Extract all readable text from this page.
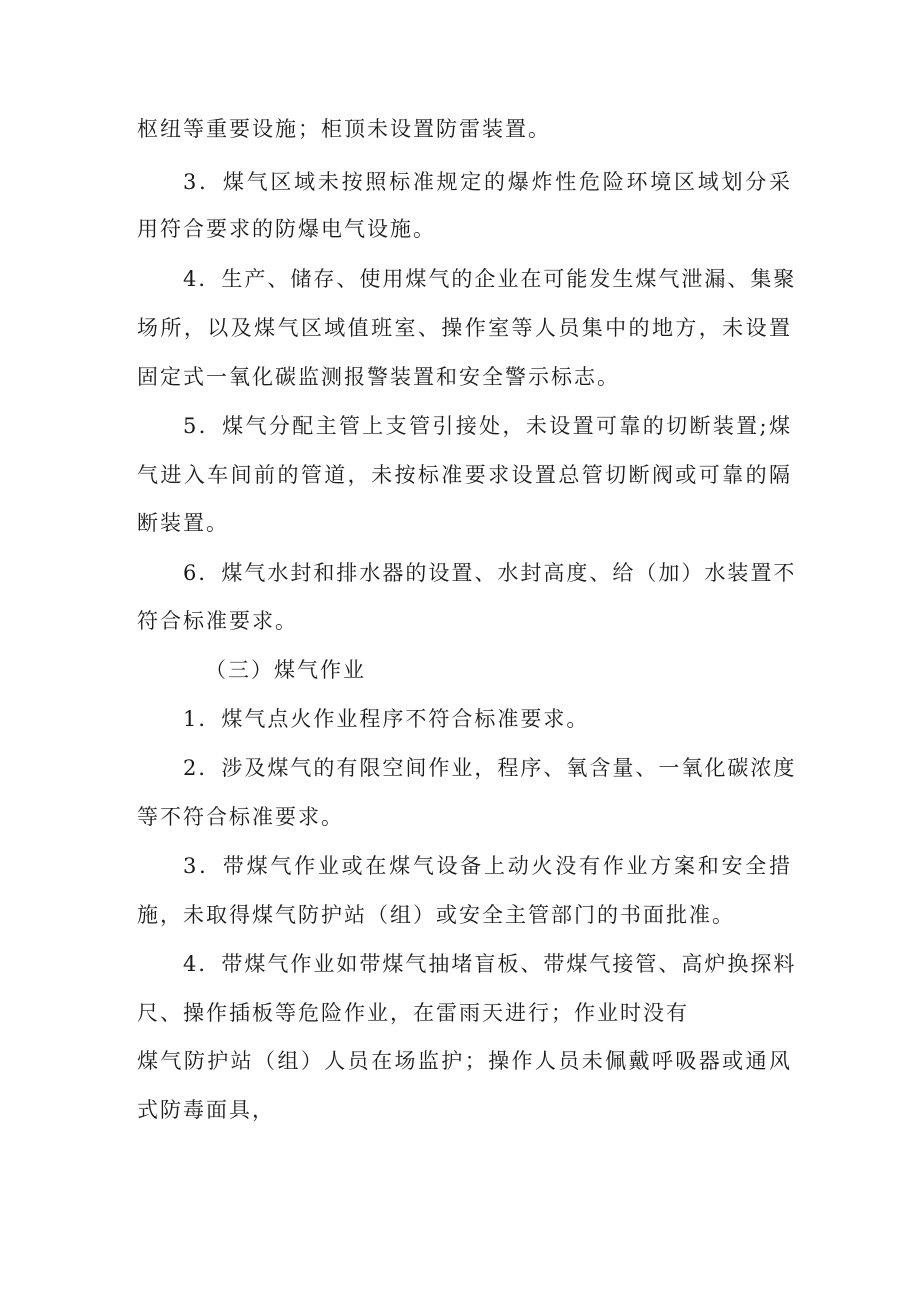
枢纽等重要设施；柜顶未设置防雷装置。
3．煤气区域未按照标准规定的爆炸性危险环境区域划分采
用符合要求的防爆电气设施。
4．生产、储存、使用煤气的企业在可能发生煤气泄漏、集聚
场所，以及煤气区域值班室、操作室等人员集中的地方，未设置
固定式一氧化碳监测报警装置和安全警示标志。
5．煤气分配主管上支管引接处，未设置可靠的切断装置;煤
气进入车间前的管道，未按标准要求设置总管切断阀或可靠的隔
断装置。
6．煤气水封和排水器的设置、水封高度、给（加）水装置不
符合标准要求。
（三）煤气作业
1．煤气点火作业程序不符合标准要求。
2．涉及煤气的有限空间作业，程序、氧含量、一氧化碳浓度
等不符合标准要求。
3．带煤气作业或在煤气设备上动火没有作业方案和安全措
施，未取得煤气防护站（组）或安全主管部门的书面批准。
4．带煤气作业如带煤气抽堵盲板、带煤气接管、高炉换探料
尺、操作插板等危险作业，在雷雨天进行；作业时没有
煤气防护站（组）人员在场监护；操作人员未佩戴呼吸器或通风
式防毒面具，
